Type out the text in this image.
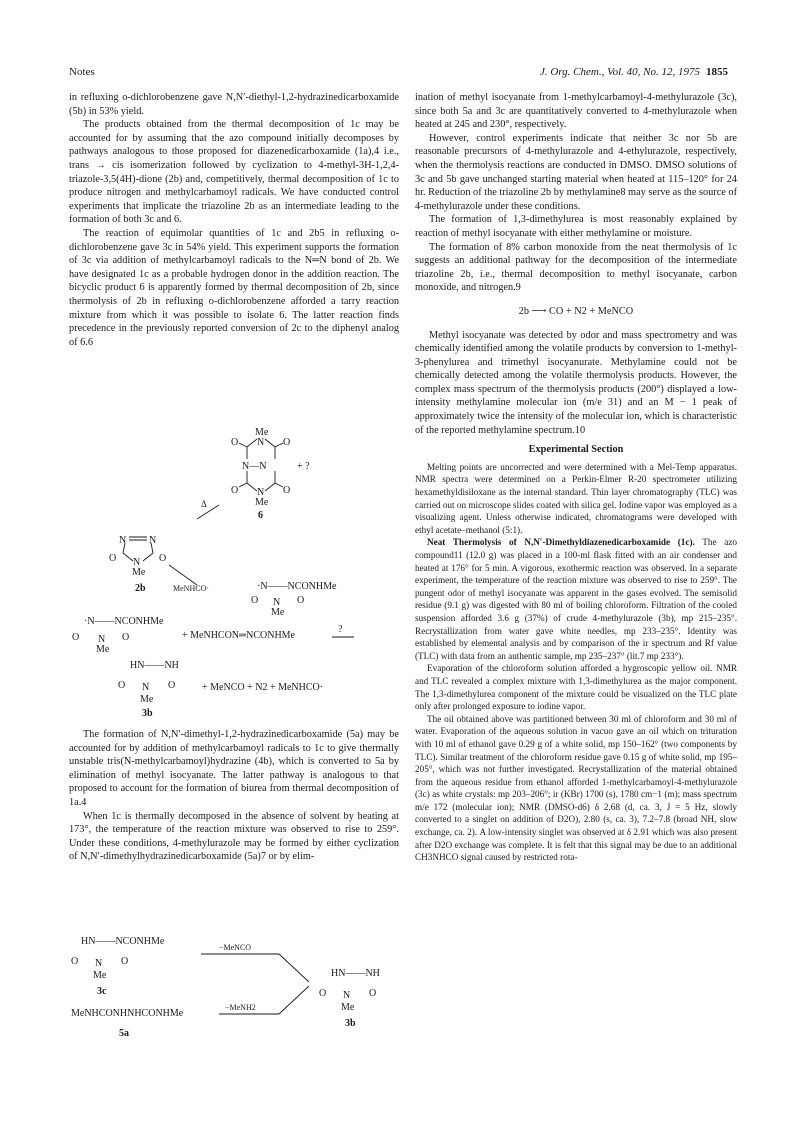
Notes	J. Org. Chem., Vol. 40, No. 12, 1975 1855

in refluxing o-dichlorobenzene gave N,N′-diethyl-1,2-hydrazinedicarboxamide (5b) in 53% yield.

The products obtained from the thermal decomposition of 1c may be accounted for by assuming that the azo compound initially decomposes by pathways analogous to those proposed for diazenedicarboxamide (1a),4 i.e., trans → cis isomerization followed by cyclization to 4-methyl-3H-1,2,4-triazole-3,5(4H)-dione (2b) and, competitively, thermal decomposition of 1c to produce nitrogen and methylcarbamoyl radicals. We have conducted control experiments that implicate the triazoline 2b as an intermediate leading to the formation of both 3c and 6.

The reaction of equimolar quantities of 1c and 2b5 in refluxing o-dichlorobenzene gave 3c in 54% yield. This experiment supports the formation of 3c via addition of methylcarbamoyl radicals to the N═N bond of 2b. We have designated 1c as a probable hydrogen donor in the addition reaction. The bicyclic product 6 is apparently formed by thermal decomposition of 2b, since thermolysis of 2b in refluxing o-dichlorobenzene afforded a tarry reaction mixture from which it was possible to isolate 6. The latter reaction finds precedence in the previously reported conversion of 2c to the diphenyl analog of 6.6

Me
N
O	O
N—N
N
O	O
Me
+ ?
6
Δ
N N
O	O
N
Me
2b	MeNHCO·	·N——NCONHMe
O N O
Me
·N——NCONHMe
O N O
Me
+ MeNHCON═NCONHMe
?
HN——NH
O N O
Me
+ MeNCO + N2 + MeNHCO·
3b

The formation of N,N′-dimethyl-1,2-hydrazinedicarboxamide (5a) may be accounted for by addition of methylcarbamoyl radicals to 1c to give thermally unstable tris(N-methylcarbamoyl)hydrazine (4b), which is converted to 5a by elimination of methyl isocyanate. The latter pathway is analogous to that proposed to account for the formation of biurea from thermal decomposition of 1a.4

When 1c is thermally decomposed in the absence of solvent by heating at 173°, the temperature of the reaction mixture was observed to rise to 259°. Under these conditions, 4-methylurazole may be formed by either cyclization of N,N′-dimethylhydrazinedicarboxamide (5a)7 or by elim-

HN——NCONHMe
O N O
Me
3c
MeNHCONHNHCONHMe
5a
−MeNCO
−MeNH2
HN——NH
O N O
Me
3b

ination of methyl isocyanate from 1-methylcarbamoyl-4-methylurazole (3c), since both 5a and 3c are quantitatively converted to 4-methylurazole when heated at 245 and 230°, respectively.

However, control experiments indicate that neither 3c nor 5b are reasonable precursors of 4-methylurazole and 4-ethylurazole, respectively, when the thermolysis reactions are conducted in DMSO. DMSO solutions of 3c and 5b gave unchanged starting material when heated at 115–120° for 24 hr. Reduction of the triazoline 2b by methylamine8 may serve as the source of 4-methylurazole under these conditions.

The formation of 1,3-dimethylurea is most reasonably explained by reaction of methyl isocyanate with either methylamine or moisture.

The formation of 8% carbon monoxide from the neat thermolysis of 1c suggests an additional pathway for the decomposition of the intermediate triazoline 2b, i.e., thermal decomposition to methyl isocyanate, carbon monoxide, and nitrogen.9

2b ⟶ CO + N2 + MeNCO

Methyl isocyanate was detected by odor and mass spectrometry and was chemically identified among the volatile products by conversion to 1-methyl-3-phenylurea and trimethyl isocyanurate. Methylamine could not be chemically detected among the volatile thermolysis products. However, the complex mass spectrum of the thermolysis products (200°) displayed a low-intensity methylamine molecular ion (m/e 31) and an M − 1 peak of approximately twice the intensity of the molecular ion, which is characteristic of the reported methylamine spectrum.10

Experimental Section

Melting points are uncorrected and were determined with a Mel-Temp apparatus. NMR spectra were determined on a Perkin-Elmer R-20 spectrometer utilizing hexamethyldisiloxane as the internal standard. Thin layer chromatography (TLC) was carried out on microscope slides coated with silica gel. Iodine vapor was employed as a visualizing agent. Unless otherwise indicated, chromatograms were developed with ethyl acetate–methanol (5:1).

Neat Thermolysis of N,N′-Dimethyldiazenedicarboxamide (1c). The azo compound11 (12.0 g) was placed in a 100-ml flask fitted with an air condenser and heated at 176° for 5 min. A vigorous, exothermic reaction was observed. In a separate experiment, the temperature of the reaction mixture was observed to rise to 259°. The pungent odor of methyl isocyanate was apparent in the gases evolved. The semisolid residue (9.1 g) was digested with 80 ml of boiling chloroform. Filtration of the cooled suspension afforded 3.6 g (37%) of crude 4-methylurazole (3b), mp 215–235°. Recrystallization from water gave white needles, mp 233–235°. Identity was established by elemental analysis and by comparison of the ir spectrum and Rf value (TLC) with data from an authentic sample, mp 235–237° (lit.7 mp 233°).

Evaporation of the chloroform solution afforded a hygroscopic yellow oil. NMR and TLC revealed a complex mixture with 1,3-dimethylurea as the major component. The 1,3-dimethylurea component of the mixture could be visualized on the TLC plate only after prolonged exposure to iodine vapor.

The oil obtained above was partitioned between 30 ml of chloroform and 30 ml of water. Evaporation of the aqueous solution in vacuo gave an oil which on trituration with 10 ml of ethanol gave 0.29 g of a white solid, mp 150–162° (two components by TLC). Similar treatment of the chloroform residue gave 0.15 g of white solid, mp 195–205°, which was not further investigated. Recrystallization of the material obtained from the aqueous residue from ethanol afforded 1-methylcarbamoyl-4-methylurazole (3c) as white crystals: mp 203–206°; ir (KBr) 1700 (s), 1780 cm−1 (m); mass spectrum m/e 172 (molecular ion); NMR (DMSO-d6) δ 2.68 (d, ca. 3, J = 5 Hz, slowly converted to a singlet on addition of D2O), 2.80 (s, ca. 3), 7.2–7.8 (broad NH, slow exchange, ca. 2). A low-intensity singlet was observed at δ 2.91 which was also present after D2O exchange was complete. It is felt that this signal may be due to an additional CH3NHCO signal caused by restricted rota-
